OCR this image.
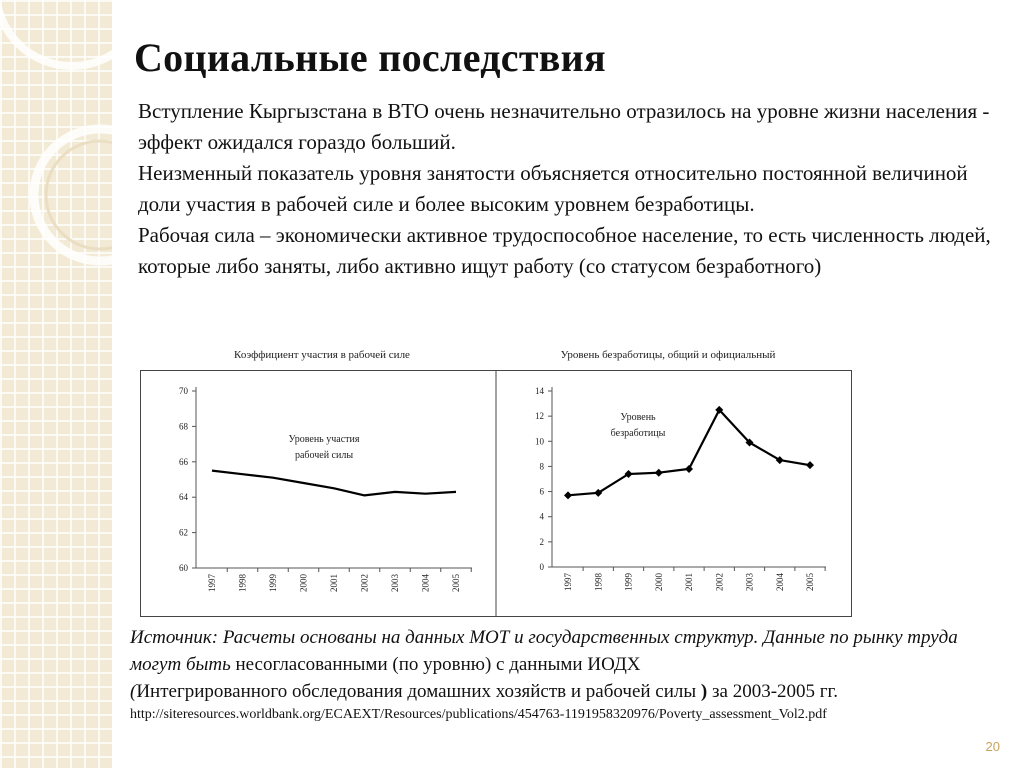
Социальные последствия

Вступление Кыргызстана в ВТО очень незначительно отразилось на уровне жизни населения - эффект ожидался гораздо больший.

Неизменный показатель уровня занятости объясняется относительно постоянной величиной доли участия в рабочей силе и более высоким уровнем безработицы.

Рабочая сила – экономически активное трудоспособное население, то есть численность людей, которые либо заняты, либо активно ищут работу (со статусом безработного)

Коэффициент участия в рабочей силе	Уровень безработицы, общий и официальный
60
62
64
66
68
70
1997 1998 1999 2000 2001 2002 2003 2004 2005
Уровень участия
рабочей силы
0
2
4
6
8
10
12
14
1997 1998 1999 2000 2001 2002 2003 2004 2005
Уровень
безработицы

Источник: Расчеты основаны на данных МОТ и государственных структур. Данные по рынку труда могут быть несогласованными (по уровню) с данными ИОДХ
(Интегрированного обследования домашних хозяйств и рабочей силы ) за 2003-2005 гг.

http://siteresources.worldbank.org/ECAEXT/Resources/publications/454763-1191958320976/Poverty_assessment_Vol2.pdf

20
